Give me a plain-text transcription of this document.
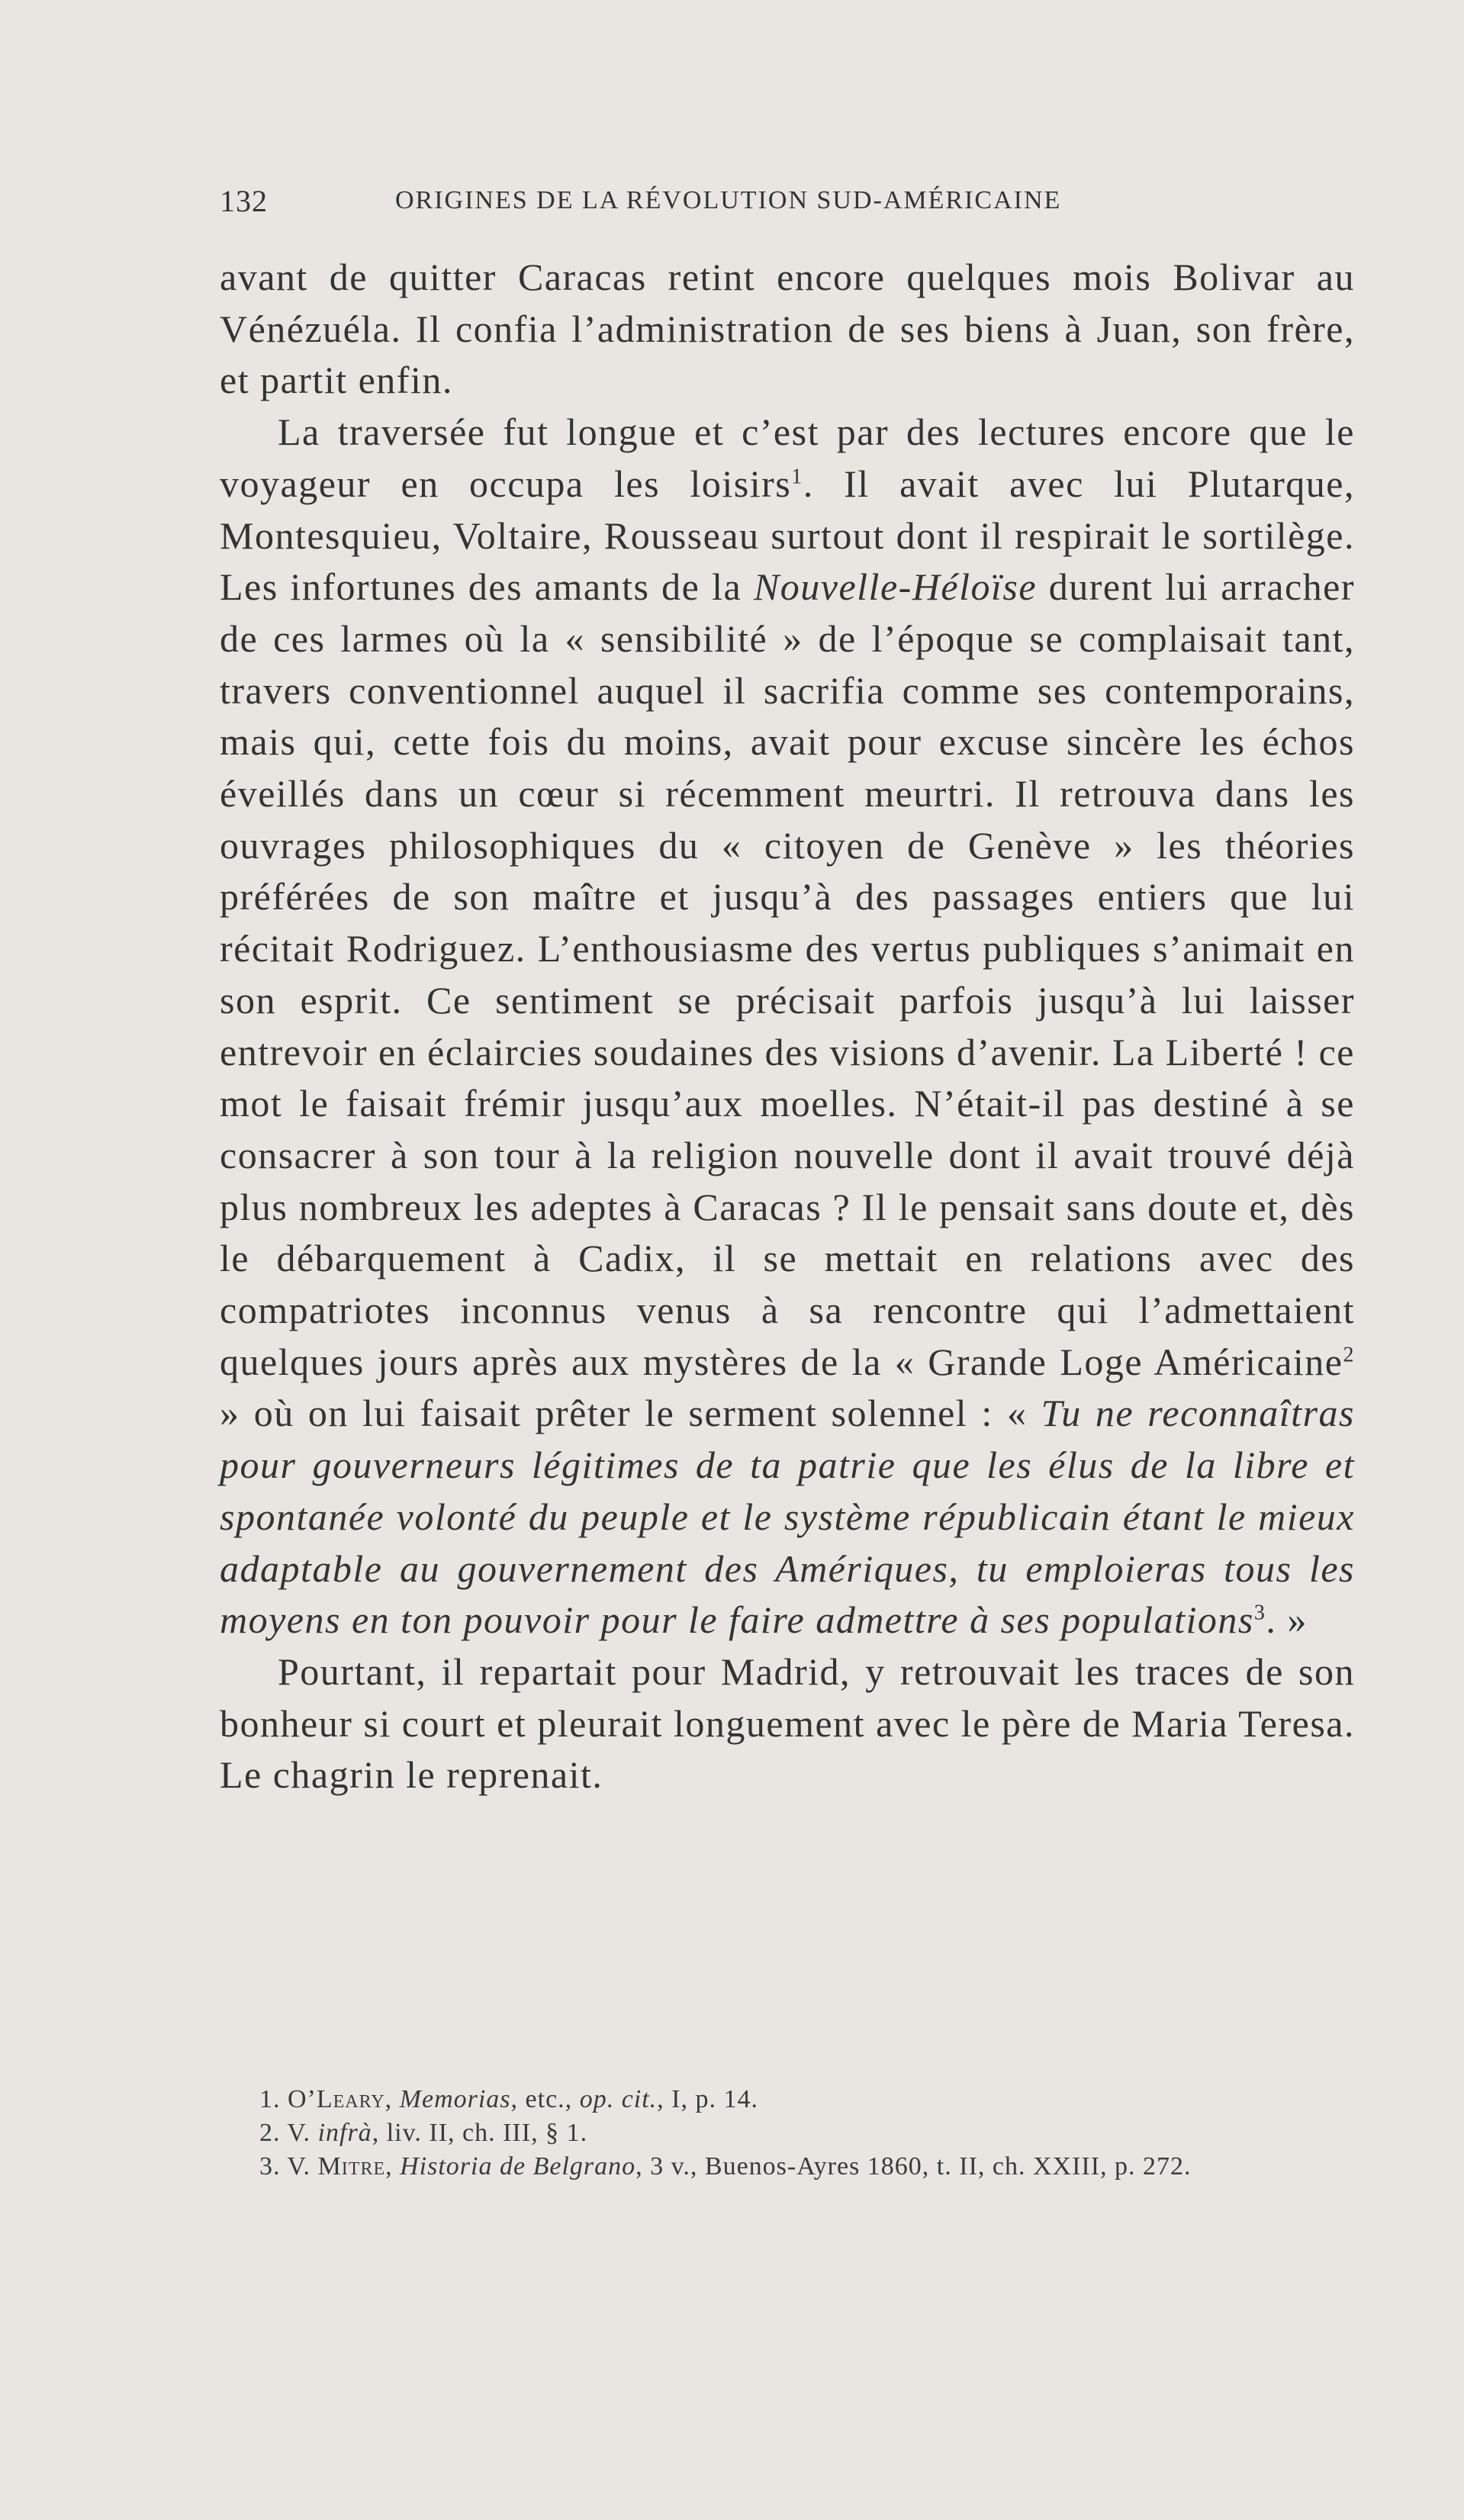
132	ORIGINES DE LA RÉVOLUTION SUD-AMÉRICAINE

avant de quitter Caracas retint encore quelques mois Bolivar au Vénézuéla. Il confia l’administration de ses biens à Juan, son frère, et partit enfin.

La traversée fut longue et c’est par des lectures encore que le voyageur en occupa les loisirs$^1$. Il avait avec lui Plutarque, Montesquieu, Voltaire, Rousseau surtout dont il respirait le sortilège. Les infortunes des amants de la Nouvelle-Héloïse durent lui arracher de ces larmes où la « sensibilité » de l’époque se complaisait tant, travers conventionnel auquel il sacrifia comme ses contemporains, mais qui, cette fois du moins, avait pour excuse sincère les échos éveillés dans un cœur si récemment meurtri. Il retrouva dans les ouvrages philosophiques du « citoyen de Genève » les théories préférées de son maître et jusqu’à des passages entiers que lui récitait Rodriguez. L’enthousiasme des vertus publiques s’animait en son esprit. Ce sentiment se précisait parfois jusqu’à lui laisser entrevoir en éclaircies soudaines des visions d’avenir. La Liberté ! ce mot le faisait frémir jusqu’aux moelles. N’était-il pas destiné à se consacrer à son tour à la religion nouvelle dont il avait trouvé déjà plus nombreux les adeptes à Caracas ? Il le pensait sans doute et, dès le débarquement à Cadix, il se mettait en relations avec des compatriotes inconnus venus à sa rencontre qui l’admettaient quelques jours après aux mystères de la « Grande Loge Américaine$^2$ » où on lui faisait prêter le serment solennel : « Tu ne reconnaîtras pour gouverneurs légitimes de ta patrie que les élus de la libre et spontanée volonté du peuple et le système républicain étant le mieux adaptable au gouvernement des Amériques, tu emploieras tous les moyens en ton pouvoir pour le faire admettre à ses populations$^3$. »

Pourtant, il repartait pour Madrid, y retrouvait les traces de son bonheur si court et pleurait longuement avec le père de Maria Teresa. Le chagrin le reprenait.

1. O’Leary, Memorias, etc., op. cit., I, p. 14.

2. V. infrà, liv. II, ch. III, § 1.

3. V. Mitre, Historia de Belgrano, 3 v., Buenos-Ayres 1860, t. II, ch. XXIII, p. 272.
